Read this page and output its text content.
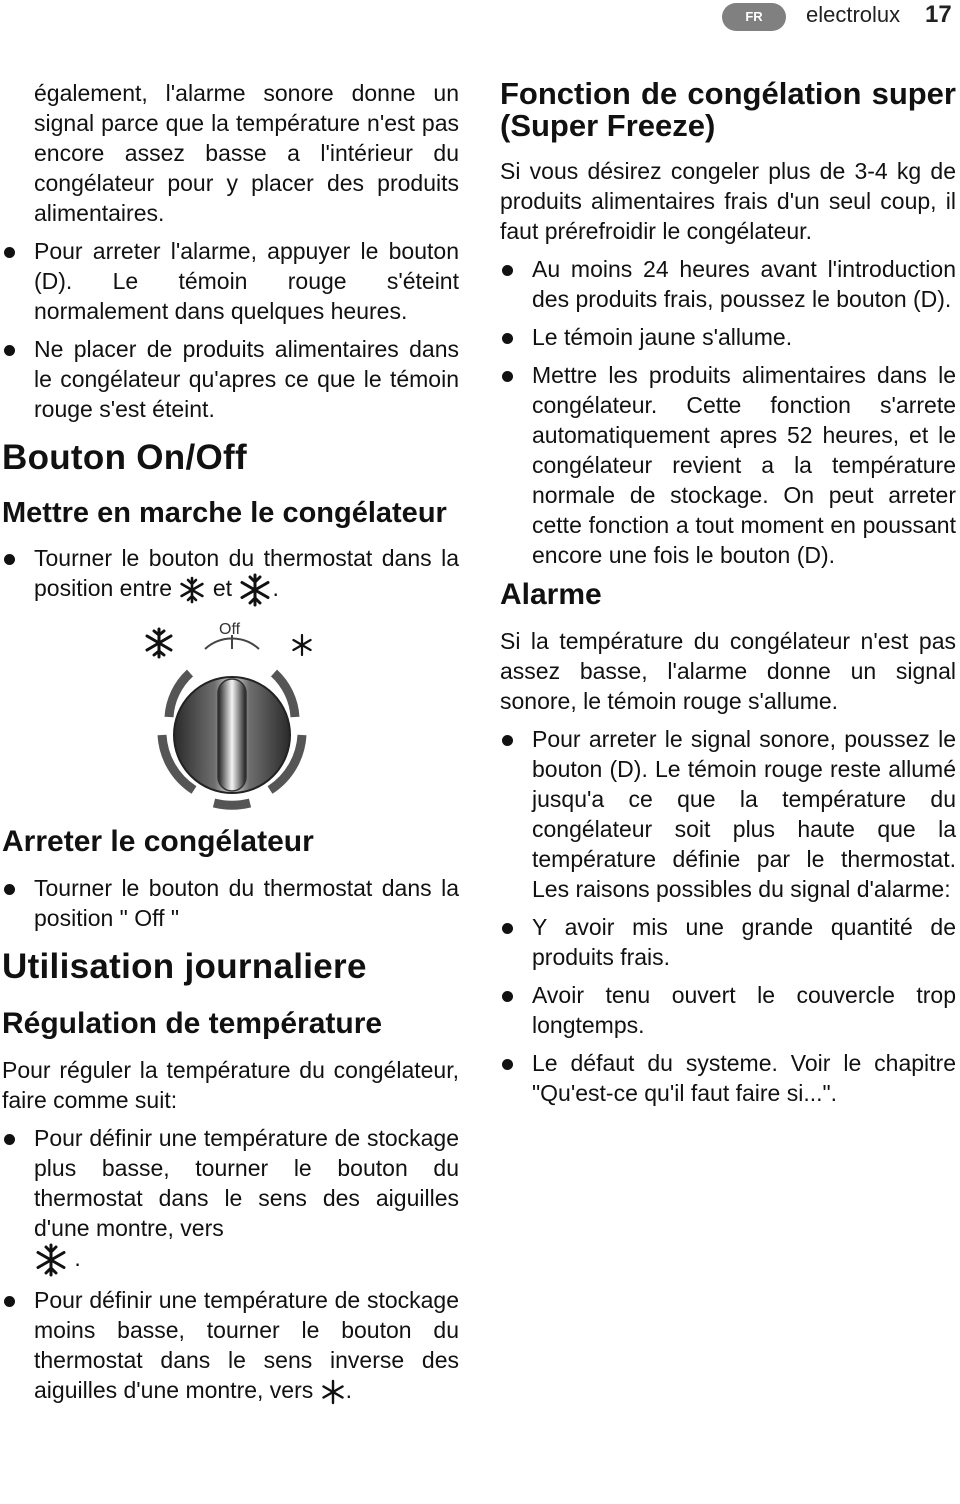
FR	electrolux 17

également, l'alarme sonore donne un signal parce que la température n'est pas encore assez basse a l'intérieur du congélateur pour y placer des produits alimentaires.

Pour arreter l'alarme, appuyer le bouton (D). Le témoin rouge s'éteint normalement dans quelques heures.
Ne placer de produits alimentaires dans le congélateur qu'apres ce que le témoin rouge s'est éteint.
Bouton On/Off
Mettre en marche le congélateur
Tourner le bouton du thermostat dans la position entre et .
Off
Arreter le congélateur
Tourner le bouton du thermostat dans la position " Off "
Utilisation journaliere
Régulation de température

Pour réguler la température du congélateur, faire comme suit:

Pour définir une température de stockage plus basse, tourner le bouton du thermostat dans le sens des aiguilles d'une montre, vers
.
Pour définir une température de stockage moins basse, tourner le bouton du thermostat dans le sens inverse des aiguilles d'une montre, vers .
Fonction de congélation super (Super Freeze)

Si vous désirez congeler plus de 3-4 kg de produits alimentaires frais d'un seul coup, il faut prérefroidir le congélateur.

Au moins 24 heures avant l'introduction des produits frais, poussez le bouton (D).
Le témoin jaune s'allume.
Mettre les produits alimentaires dans le congélateur. Cette fonction s'arrete automatiquement apres 52 heures, et le congélateur revient a la température normale de stockage. On peut arreter cette fonction a tout moment en poussant encore une fois le bouton (D).
Alarme

Si la température du congélateur n'est pas assez basse, l'alarme donne un signal sonore, le témoin rouge s'allume.

Pour arreter le signal sonore, poussez le bouton (D). Le témoin rouge reste allumé jusqu'a ce que la température du congélateur soit plus haute que la température définie par le thermostat. Les raisons possibles du signal d'alarme:
Y avoir mis une grande quantité de produits frais.
Avoir tenu ouvert le couvercle trop longtemps.
Le défaut du systeme. Voir le chapitre "Qu'est-ce qu'il faut faire si...".
